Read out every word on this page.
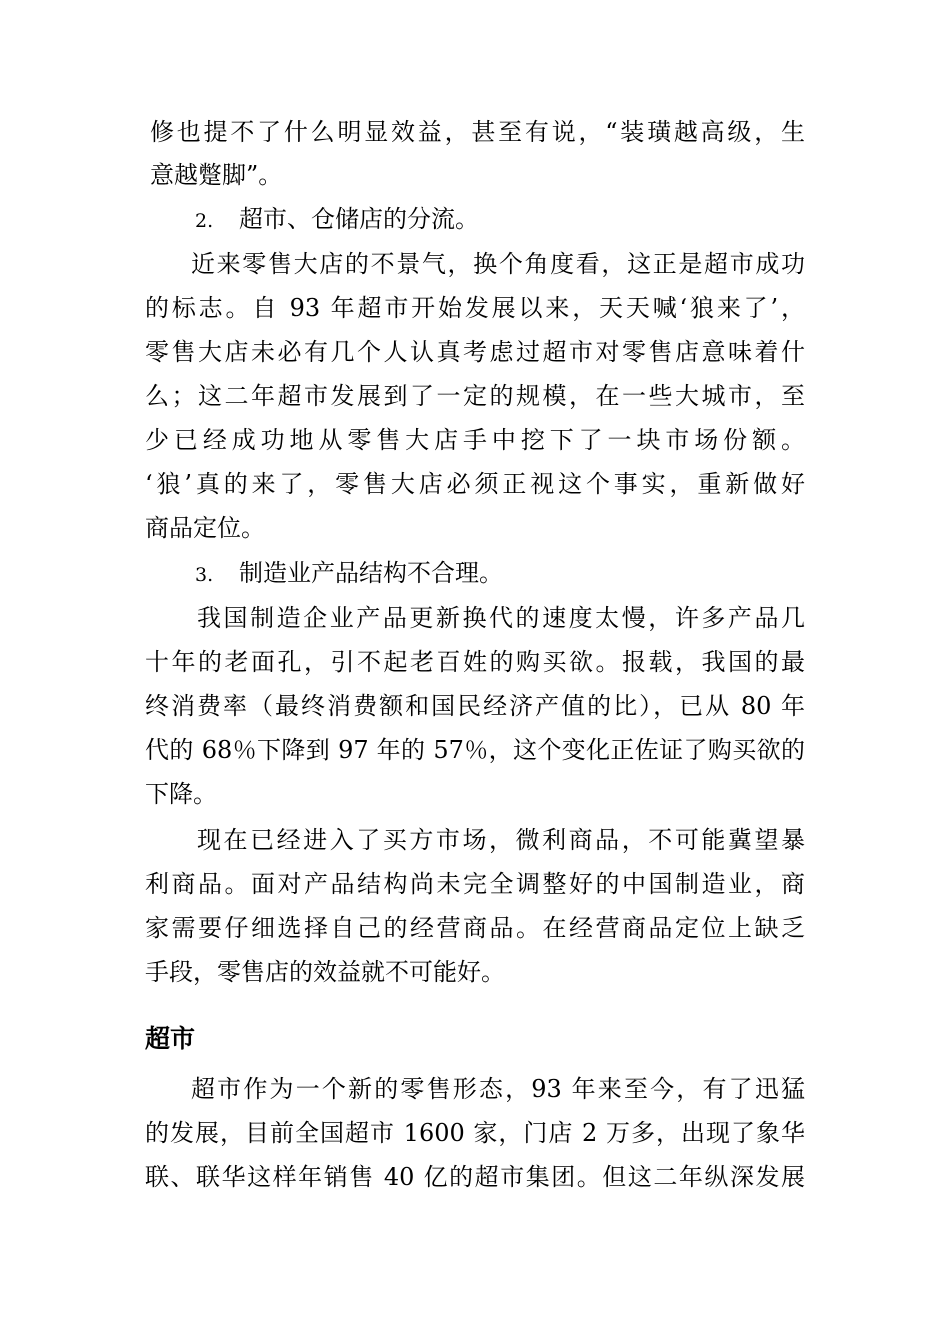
修也提不了什么明显效益，甚至有说，“装璜越高级，生
意越蹩脚”。
2. 超市、仓储店的分流。
近来零售大店的不景气，换个角度看，这正是超市成功
的标志。自 93 年超市开始发展以来，天天喊‘狼来了’，
零售大店未必有几个人认真考虑过超市对零售店意味着什
么；这二年超市发展到了一定的规模，在一些大城市，至
少已经成功地从零售大店手中挖下了一块市场份额。
‘狼’真的来了，零售大店必须正视这个事实，重新做好
商品定位。
3. 制造业产品结构不合理。
我国制造企业产品更新换代的速度太慢，许多产品几
十年的老面孔，引不起老百姓的购买欲。报载，我国的最
终消费率（最终消费额和国民经济产值的比），已从 80 年
代的 68％下降到 97 年的 57％，这个变化正佐证了购买欲的
下降。
现在已经进入了买方市场，微利商品，不可能冀望暴
利商品。面对产品结构尚未完全调整好的中国制造业，商
家需要仔细选择自己的经营商品。在经营商品定位上缺乏
手段，零售店的效益就不可能好。
超市
超市作为一个新的零售形态，93 年来至今，有了迅猛
的发展，目前全国超市 1600 家，门店 2 万多，出现了象华
联、联华这样年销售 40 亿的超市集团。但这二年纵深发展
